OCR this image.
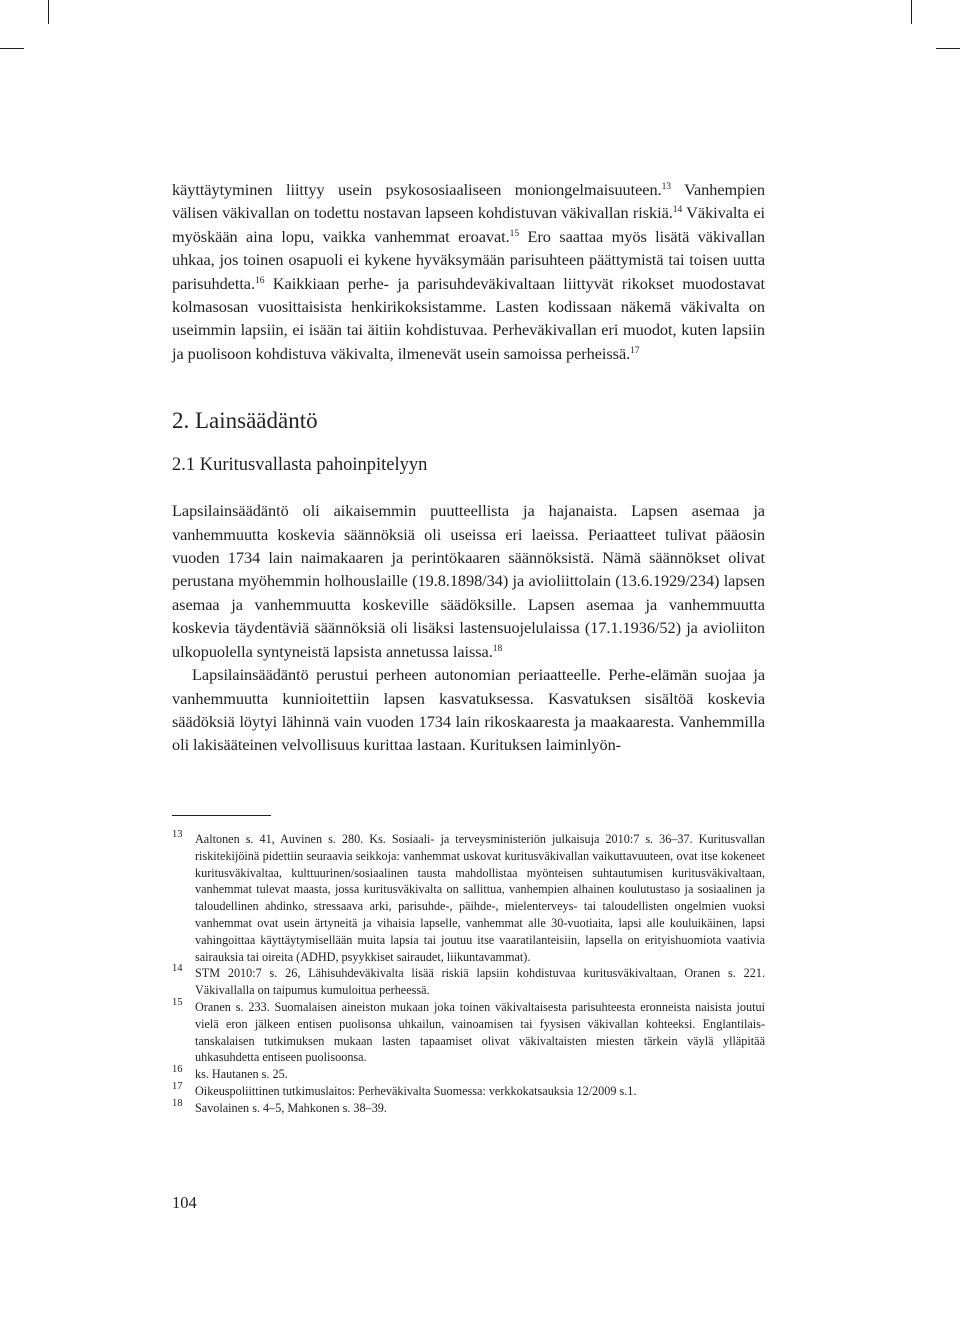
käyttäytyminen liittyy usein psykososiaaliseen moniongelmaisuuteen.$^{13}$ Vanhempien välisen väkivallan on todettu nostavan lapseen kohdistuvan väkivallan riskiä.$^{14}$ Väkivalta ei myöskään aina lopu, vaikka vanhemmat eroavat.$^{15}$ Ero saattaa myös lisätä väkivallan uhkaa, jos toinen osapuoli ei kykene hyväksymään parisuhteen päättymistä tai toisen uutta parisuhdetta.$^{16}$ Kaikkiaan perhe- ja parisuhdeväkivaltaan liittyvät rikokset muodostavat kolmasosan vuosittaisista henkirikoksistamme. Lasten kodissaan näkemä väkivalta on useimmin lapsiin, ei isään tai äitiin kohdistuvaa. Perheväkivallan eri muodot, kuten lapsiin ja puolisoon kohdistuva väkivalta, ilmenevät usein samoissa perheissä.$^{17}$

2. Lainsäädäntö
2.1 Kuritusvallasta pahoinpitelyyn

Lapsilainsäädäntö oli aikaisemmin puutteellista ja hajanaista. Lapsen asemaa ja vanhemmuutta koskevia säännöksiä oli useissa eri laeissa. Periaatteet tulivat pääosin vuoden 1734 lain naimakaaren ja perintökaaren säännöksistä. Nämä säännökset olivat perustana myöhemmin holhouslaille (19.8.1898/34) ja avioliittolain (13.6.1929/234) lapsen asemaa ja vanhemmuutta koskeville säädöksille. Lapsen asemaa ja vanhemmuutta koskevia täydentäviä säännöksiä oli lisäksi lastensuojelulaissa (17.1.1936/52) ja avioliiton ulkopuolella syntyneistä lapsista annetussa laissa.$^{18}$

Lapsilainsäädäntö perustui perheen autonomian periaatteelle. Perhe-elämän suojaa ja vanhemmuutta kunnioitettiin lapsen kasvatuksessa. Kasvatuksen sisältöä koskevia säädöksiä löytyi lähinnä vain vuoden 1734 lain rikoskaaresta ja maakaaresta. Vanhemmilla oli lakisääteinen velvollisuus kurittaa lastaan. Kurituksen laiminlyön-

13 Aaltonen s. 41, Auvinen s. 280. Ks. Sosiaali- ja terveysministeriön julkaisuja 2010:7 s. 36–37. Kuritusvallan riskitekijöinä pidettiin seuraavia seikkoja: vanhemmat uskovat kuritusväkivallan vaikuttavuuteen, ovat itse kokeneet kuritusväkivaltaa, kulttuurinen/sosiaalinen tausta mahdollistaa myönteisen suhtautumisen kuritusväkivaltaan, vanhemmat tulevat maasta, jossa kuritusväkivalta on sallittua, vanhempien alhainen koulutustaso ja sosiaalinen ja taloudellinen ahdinko, stressaava arki, parisuhde-, päihde-, mielenterveys- tai taloudellisten ongelmien vuoksi vanhemmat ovat usein ärtyneitä ja vihaisia lapselle, vanhemmat alle 30-vuotiaita, lapsi alle kouluikäinen, lapsi vahingoittaa käyttäytymisellään muita lapsia tai joutuu itse vaaratilanteisiin, lapsella on erityishuomiota vaativia sairauksia tai oireita (ADHD, psyykkiset sairaudet, liikuntavammat).
14 STM 2010:7 s. 26, Lähisuhdeväkivalta lisää riskiä lapsiin kohdistuvaa kuritusväkivaltaan, Oranen s. 221. Väkivallalla on taipumus kumuloitua perheessä.
15 Oranen s. 233. Suomalaisen aineiston mukaan joka toinen väkivaltaisesta parisuhteesta eronneista naisista joutui vielä eron jälkeen entisen puolisonsa uhkailun, vainoamisen tai fyysisen väkivallan kohteeksi. Englantilais-tanskalaisen tutkimuksen mukaan lasten tapaamiset olivat väkivaltaisten miesten tärkein väylä ylläpitää uhkasuhdetta entiseen puolisoonsa.
16 ks. Hautanen s. 25.
17 Oikeuspoliittinen tutkimuslaitos: Perheväkivalta Suomessa: verkkokatsauksia 12/2009 s.1.
18 Savolainen s. 4–5, Mahkonen s. 38–39.
104
